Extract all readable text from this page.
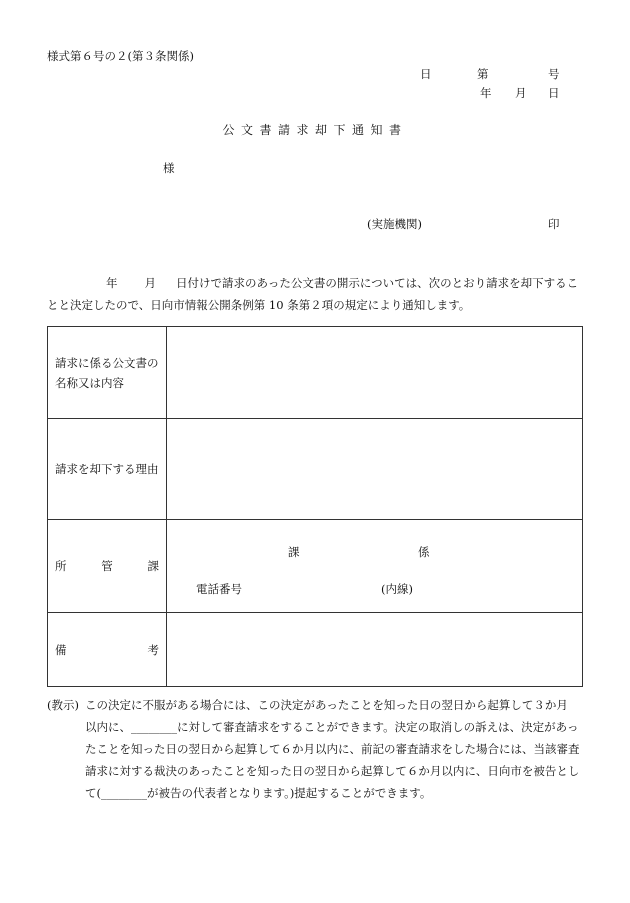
様式第６号の２(第３条関係)
日	第	号
年 月 日
公文書請求却下通知書
様
(実施機関)	印
年 月 日付けで請求のあった公文書の開示については、次のとおり請求を却下するこ
とと決定したので、日向市情報公開条例第 10 条第２項の規定により通知します。
請求に係る公文書の
名称又は内容	

請求を却下する理由	

所 管 課	課 係
電話番号 (内線)

備 考	

(教示) この決定に不服がある場合には、この決定があったことを知った日の翌日から起算して３か月
以内に、________に対して審査請求をすることができます。決定の取消しの訴えは、決定があっ
たことを知った日の翌日から起算して６か月以内に、前記の審査請求をした場合には、当該審査
請求に対する裁決のあったことを知った日の翌日から起算して６か月以内に、日向市を被告とし
て(________が被告の代表者となります。)提起することができます。
